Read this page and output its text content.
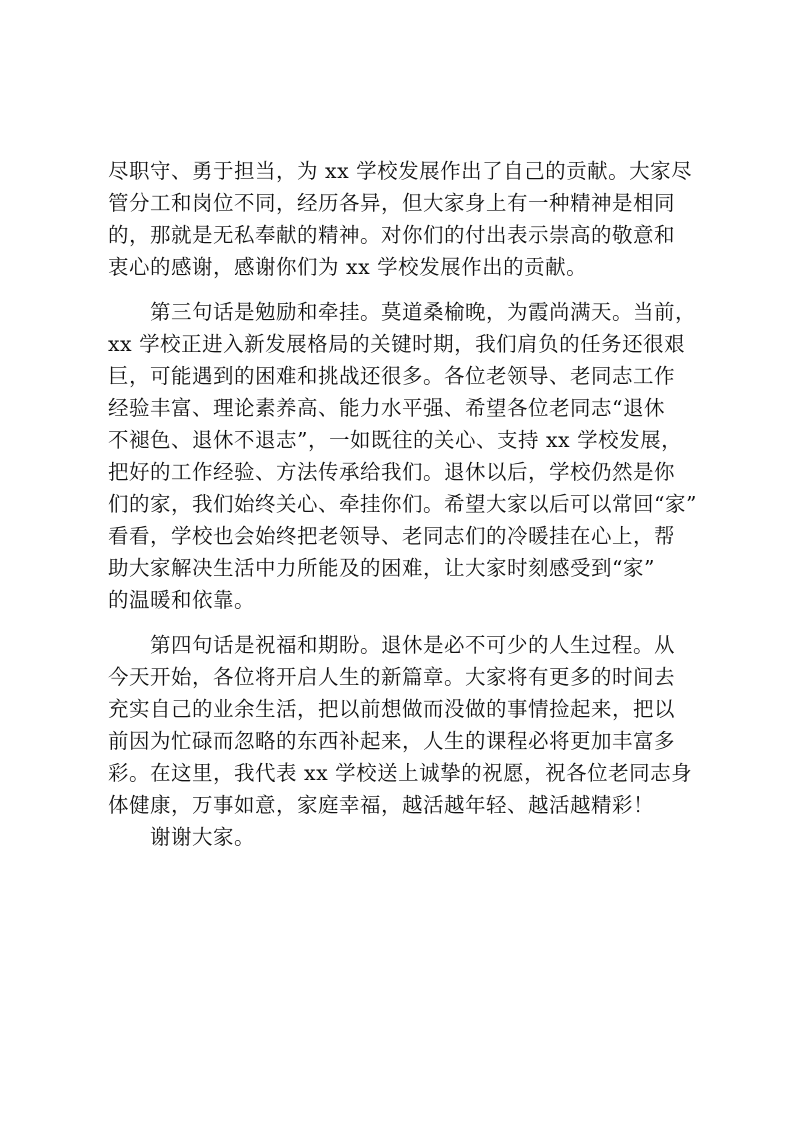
尽职守、勇于担当，为 xx 学校发展作出了自己的贡献。大家尽
管分工和岗位不同，经历各异，但大家身上有一种精神是相同
的，那就是无私奉献的精神。对你们的付出表示崇高的敬意和
衷心的感谢，感谢你们为 xx 学校发展作出的贡献。
第三句话是勉励和牵挂。莫道桑榆晚，为霞尚满天。当前，
xx 学校正进入新发展格局的关键时期，我们肩负的任务还很艰
巨，可能遇到的困难和挑战还很多。各位老领导、老同志工作
经验丰富、理论素养高、能力水平强、希望各位老同志“退休
不褪色、退休不退志”，一如既往的关心、支持 xx 学校发展，
把好的工作经验、方法传承给我们。退休以后，学校仍然是你
们的家，我们始终关心、牵挂你们。希望大家以后可以常回“家”
看看，学校也会始终把老领导、老同志们的冷暖挂在心上，帮
助大家解决生活中力所能及的困难，让大家时刻感受到“家”
的温暖和依靠。
第四句话是祝福和期盼。退休是必不可少的人生过程。从
今天开始，各位将开启人生的新篇章。大家将有更多的时间去
充实自己的业余生活，把以前想做而没做的事情捡起来，把以
前因为忙碌而忽略的东西补起来，人生的课程必将更加丰富多
彩。在这里，我代表 xx 学校送上诚挚的祝愿，祝各位老同志身
体健康，万事如意，家庭幸福，越活越年轻、越活越精彩！
谢谢大家。
